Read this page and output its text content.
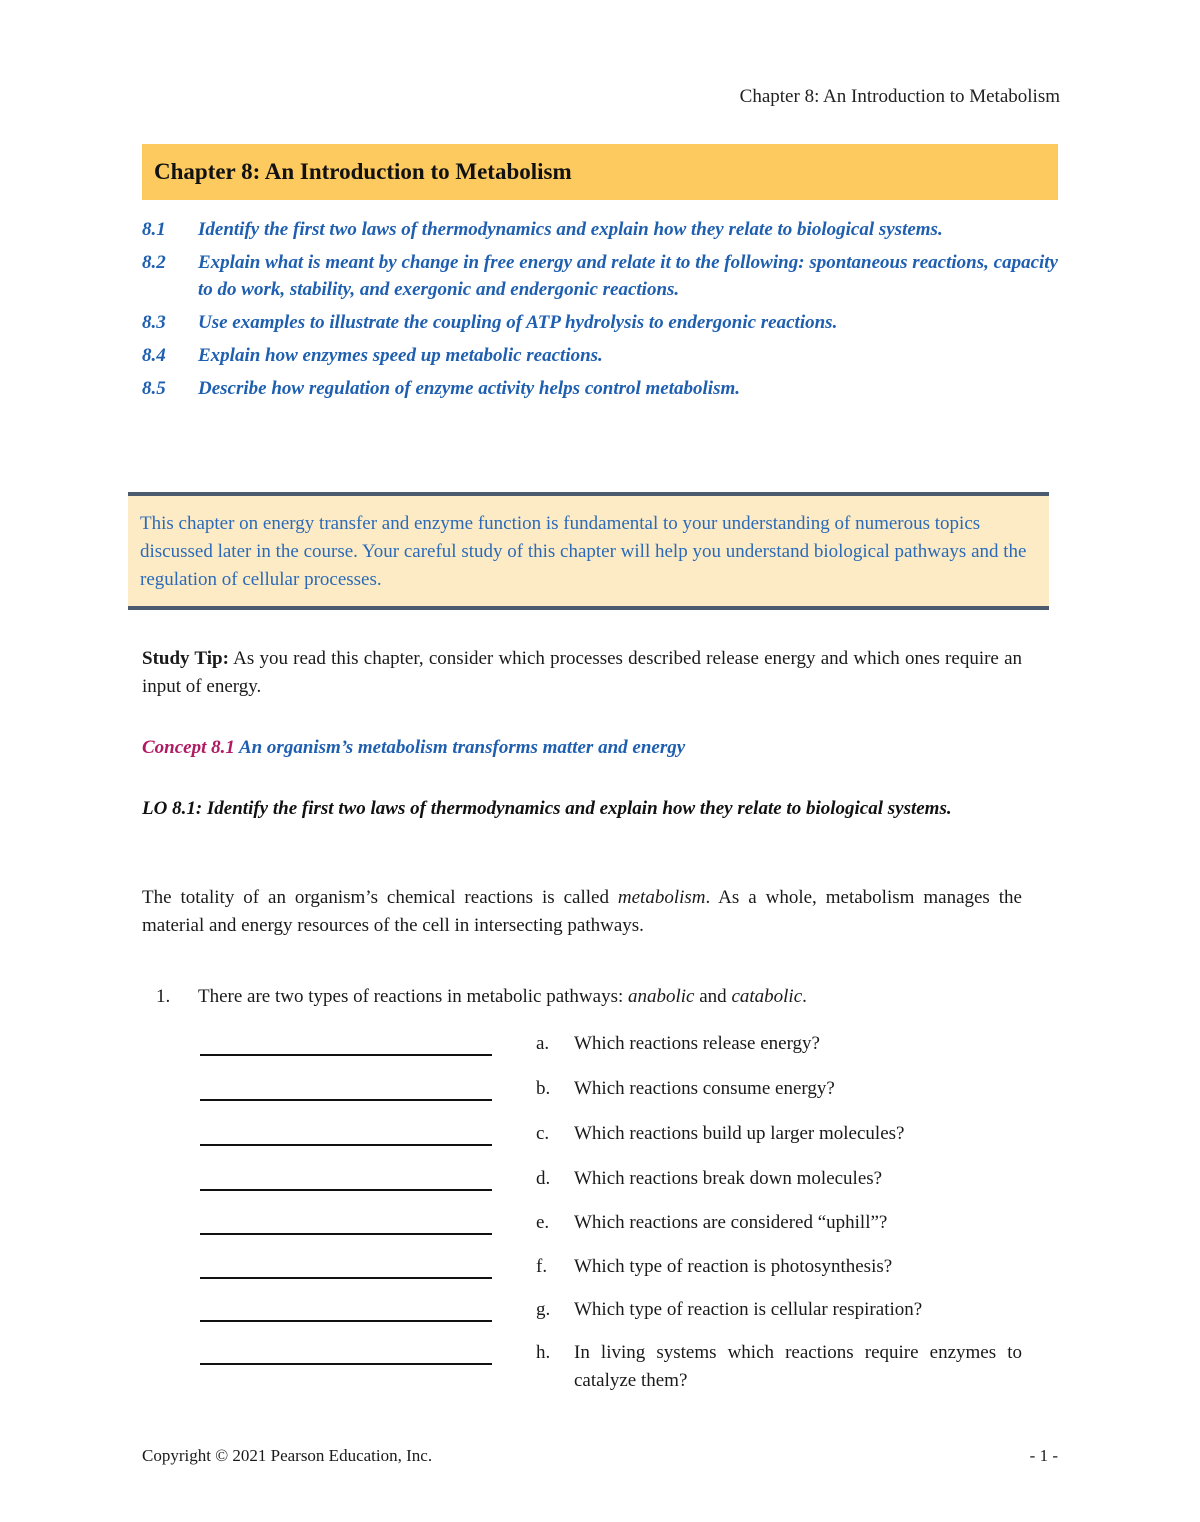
Chapter 8: An Introduction to Metabolism
Chapter 8: An Introduction to Metabolism
8.1	Identify the first two laws of thermodynamics and explain how they relate to biological systems.
8.2	Explain what is meant by change in free energy and relate it to the following: spontaneous reactions, capacity to do work, stability, and exergonic and endergonic reactions.
8.3	Use examples to illustrate the coupling of ATP hydrolysis to endergonic reactions.
8.4	Explain how enzymes speed up metabolic reactions.
8.5	Describe how regulation of enzyme activity helps control metabolism.
This chapter on energy transfer and enzyme function is fundamental to your understanding of numerous topics discussed later in the course. Your careful study of this chapter will help you understand biological pathways and the regulation of cellular processes.
Study Tip: As you read this chapter, consider which processes described release energy and which ones require an input of energy.
Concept 8.1 An organism’s metabolism transforms matter and energy
LO 8.1: Identify the first two laws of thermodynamics and explain how they relate to biological systems.
The totality of an organism’s chemical reactions is called metabolism. As a whole, metabolism manages the material and energy resources of the cell in intersecting pathways.
1.	There are two types of reactions in metabolic pathways: anabolic and catabolic.
a.	Which reactions release energy?
b.	Which reactions consume energy?
c.	Which reactions build up larger molecules?
d.	Which reactions break down molecules?
e.	Which reactions are considered “uphill”?
f.	Which type of reaction is photosynthesis?
g.	Which type of reaction is cellular respiration?
h.	In living systems which reactions require enzymes to catalyze them?
Copyright © 2021 Pearson Education, Inc.	- 1 -
